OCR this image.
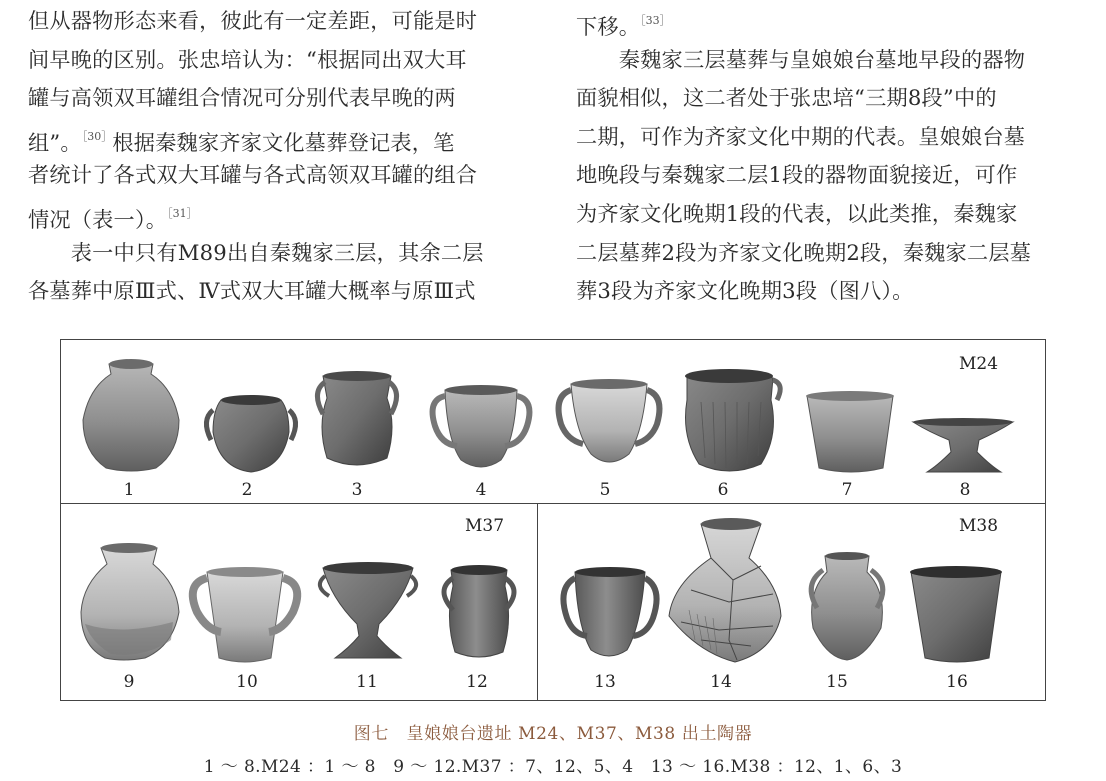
但从器物形态来看，彼此有一定差距，可能是时
间早晚的区别。张忠培认为：“根据同出双大耳
罐与高领双耳罐组合情况可分别代表早晚的两
组”。$^{[30]}$根据秦魏家齐家文化墓葬登记表，笔
者统计了各式双大耳罐与各式高领双耳罐的组合
情况（表一）。$^{[31]}$
　　表一中只有M89出自秦魏家三层，其余二层
各墓葬中原Ⅲ式、Ⅳ式双大耳罐大概率与原Ⅲ式
下移。$^{[33]}$
　　秦魏家三层墓葬与皇娘娘台墓地早段的器物
面貌相似，这二者处于张忠培“三期8段”中的
二期，可作为齐家文化中期的代表。皇娘娘台墓
地晚段与秦魏家二层1段的器物面貌接近，可作
为齐家文化晚期1段的代表，以此类推，秦魏家
二层墓葬2段为齐家文化晚期2段，秦魏家二层墓
葬3段为齐家文化晚期3段（图八）。
M24
M37	M38
1	2	3	4	5	6	7	8
9	10	11	12	13	14	15	16
图七　皇娘娘台遗址 M24、M37、M38 出土陶器
1 ～ 8.M24 ：1 ～ 8　9 ～ 12.M37 ：7、12、5、4　13 ～ 16.M38 ：12、1、6、3
